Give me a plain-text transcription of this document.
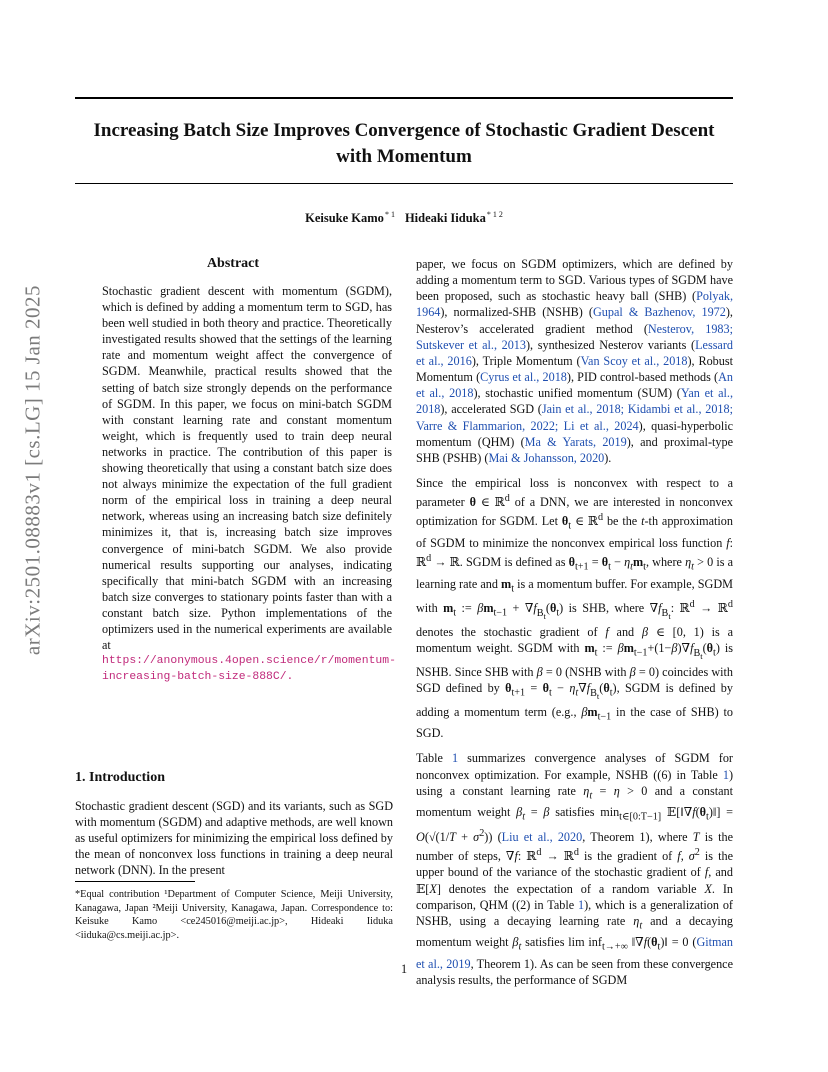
Increasing Batch Size Improves Convergence of Stochastic Gradient Descent with Momentum
Keisuke Kamo$^{* 1}$ Hideaki Iiduka$^{* 1 2}$
arXiv:2501.08883v1 [cs.LG] 15 Jan 2025
Abstract
Stochastic gradient descent with momentum (SGDM), which is defined by adding a momentum term to SGD, has been well studied in both theory and practice. Theoretically investigated results showed that the settings of the learning rate and momentum weight affect the convergence of SGDM. Meanwhile, practical results showed that the setting of batch size strongly depends on the performance of SGDM. In this paper, we focus on mini-batch SGDM with constant learning rate and constant momentum weight, which is frequently used to train deep neural networks in practice. The contribution of this paper is showing theoretically that using a constant batch size does not always minimize the expectation of the full gradient norm of the empirical loss in training a deep neural network, whereas using an increasing batch size definitely minimizes it, that is, increasing batch size improves convergence of mini-batch SGDM. We also provide numerical results supporting our analyses, indicating specifically that mini-batch SGDM with an increasing batch size converges to stationary points faster than with a constant batch size. Python implementations of the optimizers used in the numerical experiments are available at
https://anonymous.4open.science/r/momentum-increasing-batch-size-888C/.
1. Introduction
Stochastic gradient descent (SGD) and its variants, such as SGD with momentum (SGDM) and adaptive methods, are well known as useful optimizers for minimizing the empirical loss defined by the mean of nonconvex loss functions in training a deep neural network (DNN). In the present
*Equal contribution ¹Department of Computer Science, Meiji University, Kanagawa, Japan ²Meiji University, Kanagawa, Japan. Correspondence to: Keisuke Kamo <ce245016@meiji.ac.jp>, Hideaki Iiduka <iiduka@cs.meiji.ac.jp>.

paper, we focus on SGDM optimizers, which are defined by adding a momentum term to SGD. Various types of SGDM have been proposed, such as stochastic heavy ball (SHB) (Polyak, 1964), normalized-SHB (NSHB) (Gupal & Bazhenov, 1972), Nesterov’s accelerated gradient method (Nesterov, 1983; Sutskever et al., 2013), synthesized Nesterov variants (Lessard et al., 2016), Triple Momentum (Van Scoy et al., 2018), Robust Momentum (Cyrus et al., 2018), PID control-based methods (An et al., 2018), stochastic unified momentum (SUM) (Yan et al., 2018), accelerated SGD (Jain et al., 2018; Kidambi et al., 2018; Varre & Flammarion, 2022; Li et al., 2024), quasi-hyperbolic momentum (QHM) (Ma & Yarats, 2019), and proximal-type SHB (PSHB) (Mai & Johansson, 2020).

Since the empirical loss is nonconvex with respect to a parameter θ ∈ ℝ$^d$ of a DNN, we are interested in nonconvex optimization for SGDM. Let $\theta_t$ ∈ ℝ$^d$ be the t-th approximation of SGDM to minimize the nonconvex empirical loss function f: ℝ$^d$ → ℝ. SGDM is defined as $\theta_{t+1} = \theta_t - \eta_tm_t$, where $\eta_t > 0$ is a learning rate and $m_t$ is a momentum buffer. For example, SGDM with $m_t$ := $\beta m_{t-1} + \nabla f_{B_t}(\theta_t)$ is SHB, where $\nabla f_{B_t}$: ℝ$^d$ → ℝ$^d$ denotes the stochastic gradient of f and β ∈ [0, 1) is a momentum weight. SGDM with $m_t$ := $\beta m_{t-1}+(1-\beta)\nabla f_{B_t}(\theta_t)$ is NSHB. Since SHB with β = 0 (NSHB with β = 0) coincides with SGD defined by $\theta_{t+1} = \theta_t - \eta_t\nabla f_{B_t}(\theta_t)$, SGDM is defined by adding a momentum term (e.g., $\beta m_{t-1}$ in the case of SHB) to SGD.

Table 1 summarizes convergence analyses of SGDM for nonconvex optimization. For example, NSHB ((6) in Table 1) using a constant learning rate $\eta_t = \eta > 0$ and a constant momentum weight $\beta_t = \beta$ satisfies $\min_{t\in[0:T-1]}$ $𝔼[‖\nabla f(\theta_t)‖] = O(√(1/T + \sigma^2))$ (Liu et al., 2020, Theorem 1), where T is the number of steps, ∇f: ℝ$^d$ → ℝ$^d$ is the gradient of f, $\sigma^2$ is the upper bound of the variance of the stochastic gradient of f, and 𝔼[X] denotes the expectation of a random variable X. In comparison, QHM ((2) in Table 1), which is a generalization of NSHB, using a decaying learning rate $\eta_t$ and a decaying momentum weight $\beta_t$ satisfies lim inf$_{t\to+\infty}$ $‖\nabla f(\theta_t)‖ = 0$ (Gitman et al., 2019, Theorem 1). As can be seen from these convergence analysis results, the performance of SGDM

1
